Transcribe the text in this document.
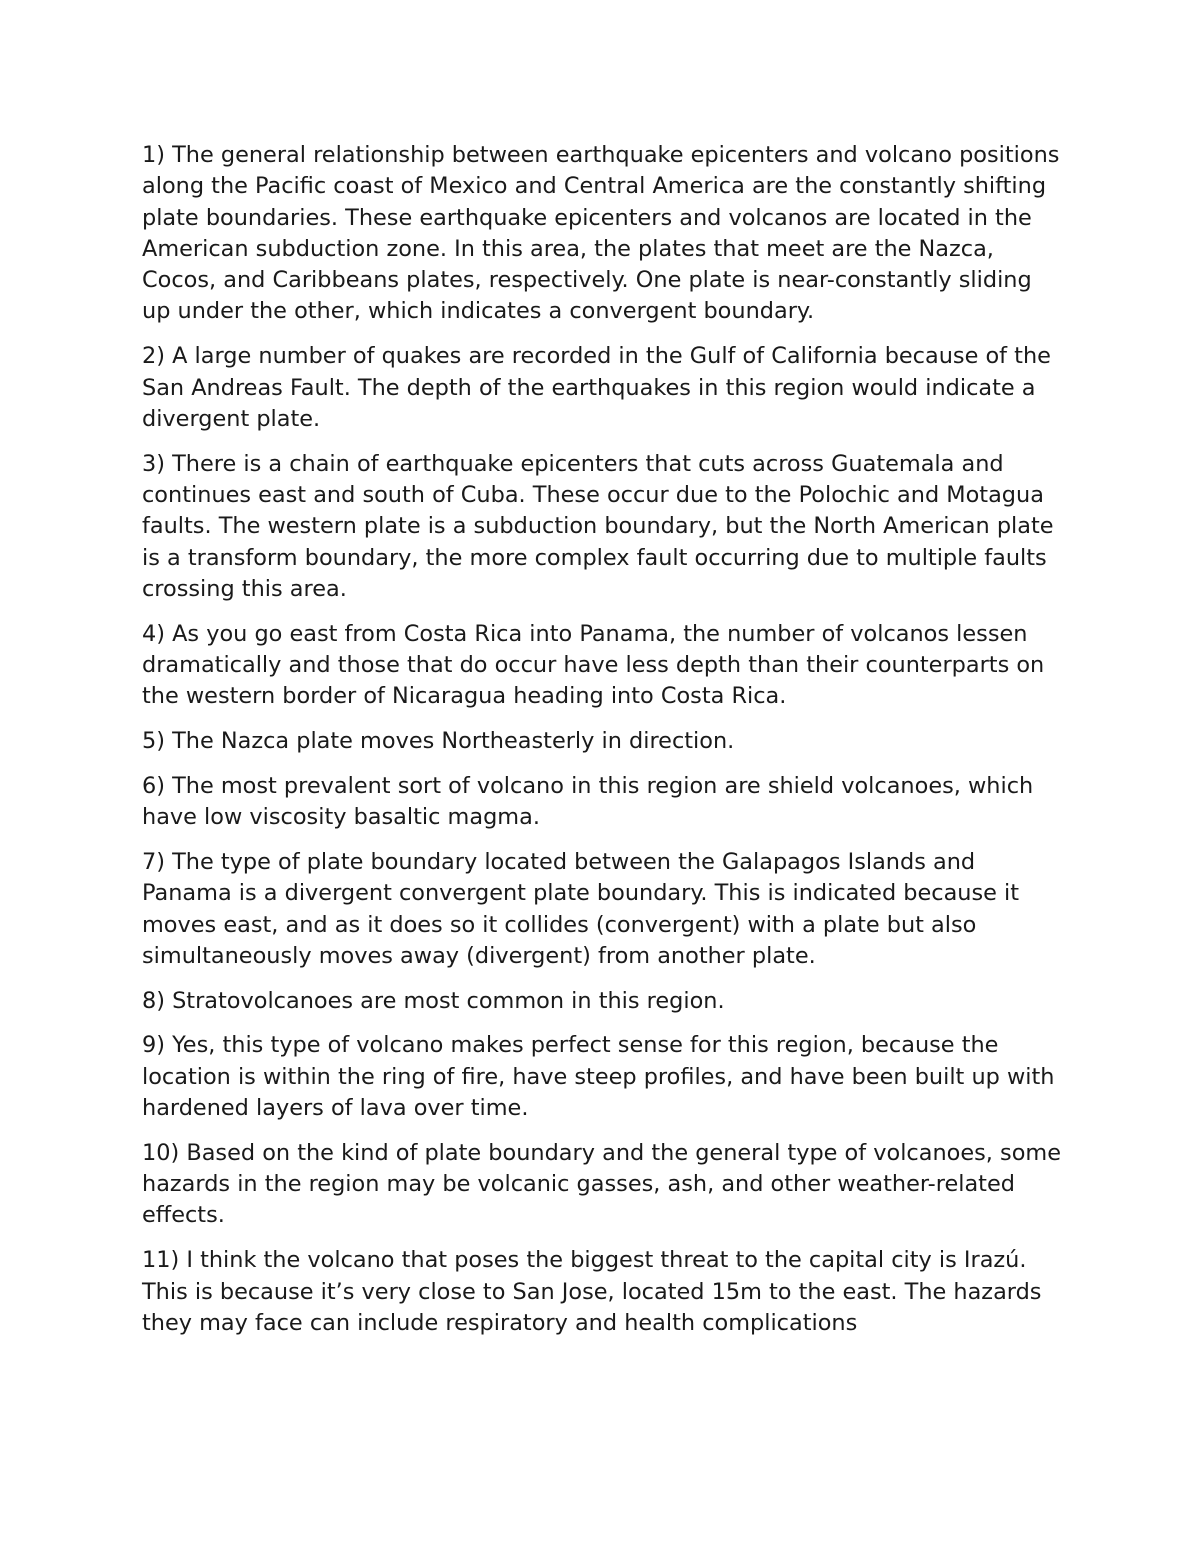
1) The general relationship between earthquake epicenters and volcano positions along the Pacific coast of Mexico and Central America are the constantly shifting plate boundaries. These earthquake epicenters and volcanos are located in the American subduction zone. In this area, the plates that meet are the Nazca, Cocos, and Caribbeans plates, respectively. One plate is near-constantly sliding up under the other, which indicates a convergent boundary.

2) A large number of quakes are recorded in the Gulf of California because of the San Andreas Fault. The depth of the earthquakes in this region would indicate a divergent plate.

3) There is a chain of earthquake epicenters that cuts across Guatemala and continues east and south of Cuba. These occur due to the Polochic and Motagua faults. The western plate is a subduction boundary, but the North American plate is a transform boundary, the more complex fault occurring due to multiple faults crossing this area.

4) As you go east from Costa Rica into Panama, the number of volcanos lessen dramatically and those that do occur have less depth than their counterparts on the western border of Nicaragua heading into Costa Rica.

5) The Nazca plate moves Northeasterly in direction.

6) The most prevalent sort of volcano in this region are shield volcanoes, which have low viscosity basaltic magma.

7) The type of plate boundary located between the Galapagos Islands and Panama is a divergent convergent plate boundary. This is indicated because it moves east, and as it does so it collides (convergent) with a plate but also simultaneously moves away (divergent) from another plate.

8) Stratovolcanoes are most common in this region.

9) Yes, this type of volcano makes perfect sense for this region, because the location is within the ring of fire, have steep profiles, and have been built up with hardened layers of lava over time.

10) Based on the kind of plate boundary and the general type of volcanoes, some hazards in the region may be volcanic gasses, ash, and other weather-related effects.

11) I think the volcano that poses the biggest threat to the capital city is Irazú. This is because it’s very close to San Jose, located 15m to the east. The hazards they may face can include respiratory and health complications
